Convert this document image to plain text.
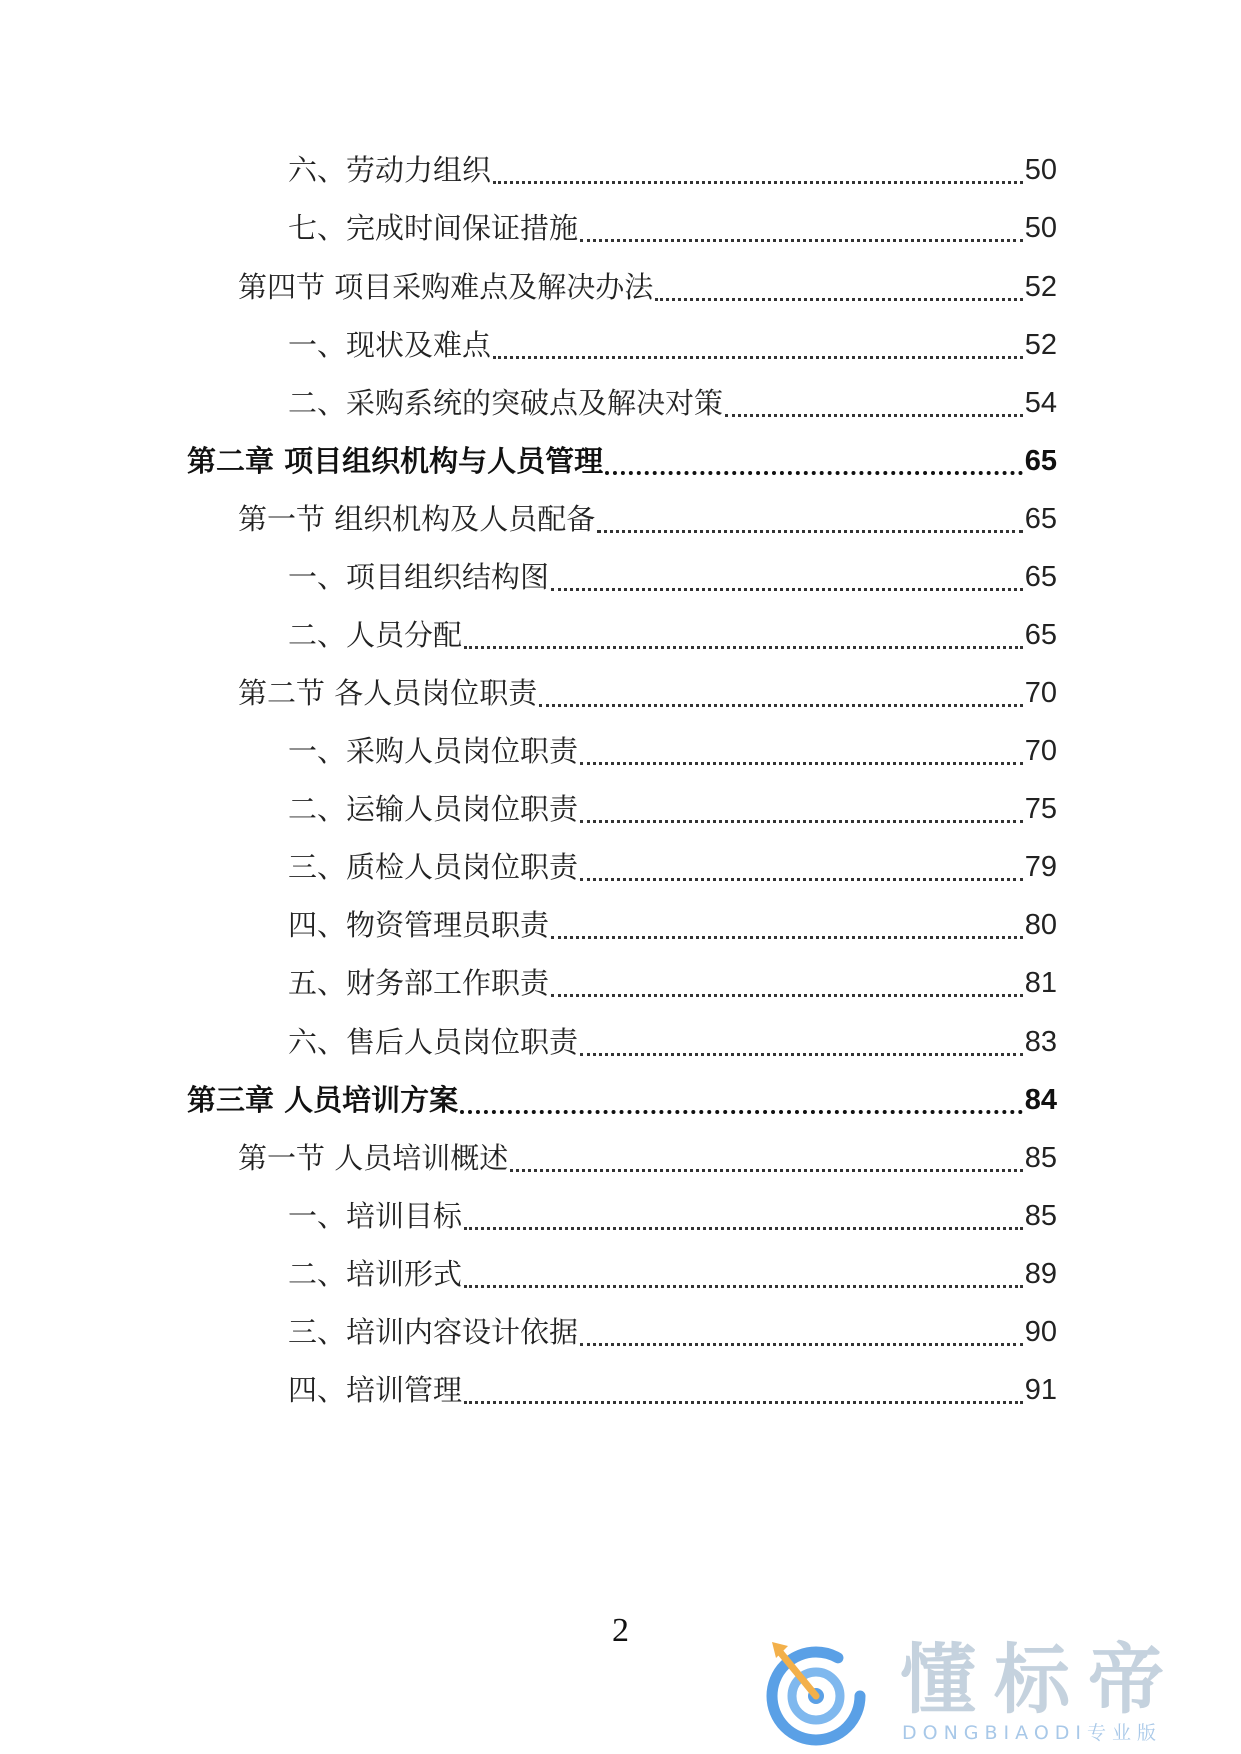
六、劳动力组织	50
七、完成时间保证措施	50
第四节 项目采购难点及解决办法	52
一、现状及难点	52
二、采购系统的突破点及解决对策	54
第二章 项目组织机构与人员管理	65
第一节 组织机构及人员配备	65
一、项目组织结构图	65
二、人员分配	65
第二节 各人员岗位职责	70
一、采购人员岗位职责	70
二、运输人员岗位职责	75
三、质检人员岗位职责	79
四、物资管理员职责	80
五、财务部工作职责	81
六、售后人员岗位职责	83
第三章 人员培训方案	84
第一节 人员培训概述	85
一、培训目标	85
二、培训形式	89
三、培训内容设计依据	90
四、培训管理	91
2
懂标帝
DONGBIAODI专业版
